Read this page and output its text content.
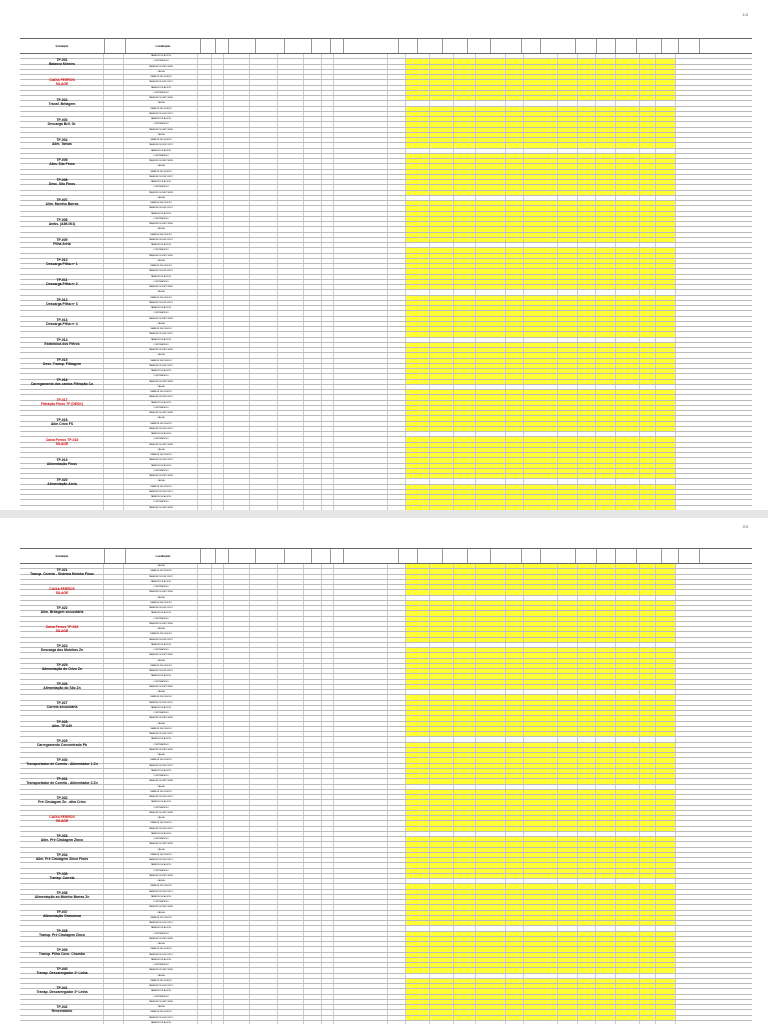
1/3
Instalação	Localização
TAMBOR DE ACION.
CONTRAPESO
TAMBOR DE RETORNO
CALHA
TAMBOR DE DESVIO
TAMBOR DE ENCOSTO
TAMBOR DE ACION.
CONTRAPESO
TAMBOR DE RETORNO
CALHA
TAMBOR DE DESVIO
TAMBOR DE ENCOSTO
TAMBOR DE ACION.
CONTRAPESO
TAMBOR DE RETORNO
CALHA
TAMBOR DE DESVIO
TAMBOR DE ENCOSTO
TAMBOR DE ACION.
CONTRAPESO
TAMBOR DE RETORNO
CALHA
TAMBOR DE DESVIO
TAMBOR DE ENCOSTO
TAMBOR DE ACION.
CONTRAPESO
TAMBOR DE RETORNO
CALHA
TAMBOR DE DESVIO
TAMBOR DE ENCOSTO
TAMBOR DE ACION.
CONTRAPESO
TAMBOR DE RETORNO
CALHA
TAMBOR DE DESVIO
TAMBOR DE ENCOSTO
TAMBOR DE ACION.
CONTRAPESO
TAMBOR DE RETORNO
CALHA
TAMBOR DE DESVIO
TAMBOR DE ENCOSTO
TAMBOR DE ACION.
CONTRAPESO
TAMBOR DE RETORNO
CALHA
TAMBOR DE DESVIO
TAMBOR DE ENCOSTO
TAMBOR DE ACION.
CONTRAPESO
TAMBOR DE RETORNO
CALHA
TAMBOR DE DESVIO
TAMBOR DE ENCOSTO
TAMBOR DE ACION.
CONTRAPESO
TAMBOR DE RETORNO
CALHA
TAMBOR DE DESVIO
TAMBOR DE ENCOSTO
TAMBOR DE ACION.
CONTRAPESO
TAMBOR DE RETORNO
CALHA
TAMBOR DE DESVIO
TAMBOR DE ENCOSTO
TAMBOR DE ACION.
CONTRAPESO
TAMBOR DE RETORNO
CALHA
TAMBOR DE DESVIO
TAMBOR DE ENCOSTO
TAMBOR DE ACION.
CONTRAPESO
TAMBOR DE RETORNO
CALHA
TAMBOR DE DESVIO
TAMBOR DE ENCOSTO
TAMBOR DE ACION.
CONTRAPESO
TAMBOR DE RETORNO
CALHA
TAMBOR DE DESVIO
TAMBOR DE ENCOSTO
TAMBOR DE ACION.
CONTRAPESO
TAMBOR DE RETORNO
TP-001
Balanca Mineiro
CAIXA FERROS
SILAGE
TP-002
Transf. Britagem
TP-003
Descarga Brit. Gr.
TP-004
Alim. Tarvas
TP-005
Alim. Silo Finos
TP-006
Desc. Silo Finos
TP-007
Alim. Moinho Barras
TP-008
Ambs. (AIM-001)
TP-009
Pilha Areia
TP-010
Descarga Pilha nº 1
TP-011
Descarga Pilha nº 2
TP-012
Descarga Pilha nº 3
TP-013
Descarga Pilha nº 4
TP-014
Estatística dos Filtros
TP-015
Desv. Transp. Filtragem
TP-016
Carregamento dos cantos Filtração Co
TP-017
Filtração Finos TF (DESK)
TP-018
Alim Crivo FS
Caixa Ferros TP-018
SILAGE
TP-019
Alimentação Finos
TP-020
Alimentação Areia
2/3
Instalação	Localização
CALHA
TAMBOR DE DESVIO
TAMBOR DE ENCOSTO
TAMBOR DE ACION.
CONTRAPESO
TAMBOR DE RETORNO
CALHA
TAMBOR DE DESVIO
TAMBOR DE ENCOSTO
TAMBOR DE ACION.
CONTRAPESO
TAMBOR DE RETORNO
CALHA
TAMBOR DE DESVIO
TAMBOR DE ENCOSTO
TAMBOR DE ACION.
CONTRAPESO
TAMBOR DE RETORNO
CALHA
TAMBOR DE DESVIO
TAMBOR DE ENCOSTO
TAMBOR DE ACION.
CONTRAPESO
TAMBOR DE RETORNO
CALHA
TAMBOR DE DESVIO
TAMBOR DE ENCOSTO
TAMBOR DE ACION.
CONTRAPESO
TAMBOR DE RETORNO
CALHA
TAMBOR DE DESVIO
TAMBOR DE ENCOSTO
TAMBOR DE ACION.
CONTRAPESO
TAMBOR DE RETORNO
CALHA
TAMBOR DE DESVIO
TAMBOR DE ENCOSTO
TAMBOR DE ACION.
CONTRAPESO
TAMBOR DE RETORNO
CALHA
TAMBOR DE DESVIO
TAMBOR DE ENCOSTO
TAMBOR DE ACION.
CONTRAPESO
TAMBOR DE RETORNO
CALHA
TAMBOR DE DESVIO
TAMBOR DE ENCOSTO
TAMBOR DE ACION.
CONTRAPESO
TAMBOR DE RETORNO
CALHA
TAMBOR DE DESVIO
TAMBOR DE ENCOSTO
TAMBOR DE ACION.
CONTRAPESO
TAMBOR DE RETORNO
CALHA
TAMBOR DE DESVIO
TAMBOR DE ENCOSTO
TAMBOR DE ACION.
CONTRAPESO
TAMBOR DE RETORNO
CALHA
TAMBOR DE DESVIO
TAMBOR DE ENCOSTO
TAMBOR DE ACION.
CONTRAPESO
TAMBOR DE RETORNO
CALHA
TAMBOR DE DESVIO
TAMBOR DE ENCOSTO
TAMBOR DE ACION.
CONTRAPESO
TAMBOR DE RETORNO
CALHA
TAMBOR DE DESVIO
TAMBOR DE ENCOSTO
TAMBOR DE ACION.
CONTRAPESO
TAMBOR DE RETORNO
CALHA
TAMBOR DE DESVIO
TAMBOR DE ENCOSTO
TAMBOR DE ACION.
TP-021
Transp. Correia - Sistema Moinho Finos
CAIXA FERROS
SILAGE
TP-022
Alim. Britagem secundária
Caixa Ferros TP-023
SILAGE
TP-024
Descarga dos Moinhos Zn
TP-025
Alimentação do Crivo Zn
TP-026
Alimentação do Silo Zn
TP-027
Correia secundária
TP-028
Alim. TF-040
TP-029
Carregamento Concentrado Pb
TP-030
Transportador de Correia - Alimentador 1.Zn
TP-031
Transportador de Correia - Alimentador 2.Zn
TP-032
Pré Cirulagem Zn - alim.Crivo
CAIXA FERROS
SILAGE
TP-033
Alim. Pré Cirulagem Zinco
TP-034
Alim. Pré Cirulagem Zinco Finos
TP-035
Transp. Correia
TP-036
Alimentação ao Moinho Barras Zn
TP-037
Alimentação Granulosa
TP-038
Transp. Pré Cirulagem Zinco
TP-039
Transp. Pilha Conc. Chumbo
TP-040
Transp. Descarregador 2ª Linha
TP-041
Transp. Descarregador 2ª Linha
TP-042
Reservatório
